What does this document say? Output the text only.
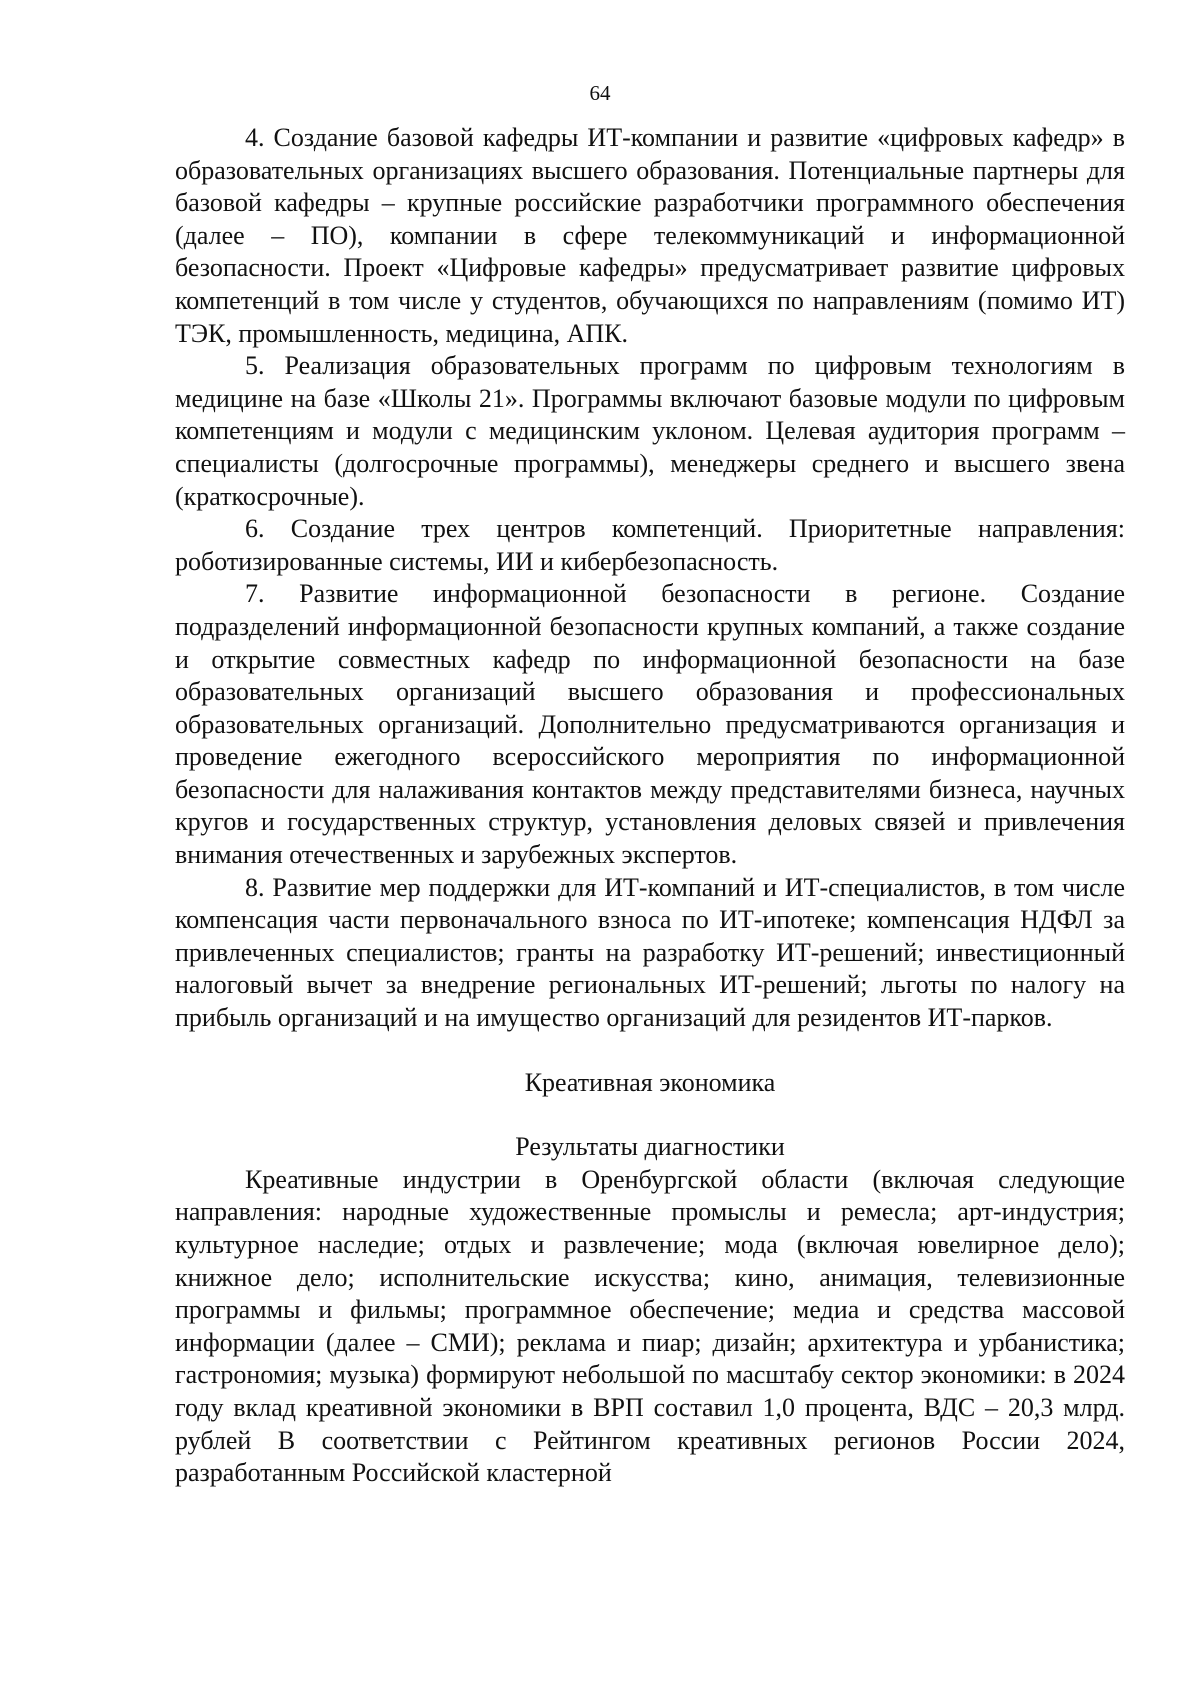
64

4. Создание базовой кафедры ИТ-компании и развитие «цифровых кафедр» в образовательных организациях высшего образования. Потенциальные партнеры для базовой кафедры – крупные российские разработчики программного обеспечения (далее – ПО), компании в сфере телекоммуникаций и информационной безопасности. Проект «Цифровые кафедры» предусматривает развитие цифровых компетенций в том числе у студентов, обучающихся по направлениям (помимо ИТ) ТЭК, промышленность, медицина, АПК.

5. Реализация образовательных программ по цифровым технологиям в медицине на базе «Школы 21». Программы включают базовые модули по цифровым компетенциям и модули с медицинским уклоном. Целевая аудитория программ – специалисты (долгосрочные программы), менеджеры среднего и высшего звена (краткосрочные).

6. Создание трех центров компетенций. Приоритетные направления: роботизированные системы, ИИ и кибербезопасность.

7. Развитие информационной безопасности в регионе. Создание подразделений информационной безопасности крупных компаний, а также создание и открытие совместных кафедр по информационной безопасности на базе образовательных организаций высшего образования и профессиональных образовательных организаций. Дополнительно предусматриваются организация и проведение ежегодного всероссийского мероприятия по информационной безопасности для налаживания контактов между представителями бизнеса, научных кругов и государственных структур, установления деловых связей и привлечения внимания отечественных и зарубежных экспертов.

8. Развитие мер поддержки для ИТ-компаний и ИТ-специалистов, в том числе компенсация части первоначального взноса по ИТ-ипотеке; компенсация НДФЛ за привлеченных специалистов; гранты на разработку ИТ-решений; инвестиционный налоговый вычет за внедрение региональных ИТ-решений; льготы по налогу на прибыль организаций и на имущество организаций для резидентов ИТ-парков.

Креативная экономика

Результаты диагностики

Креативные индустрии в Оренбургской области (включая следующие направления: народные художественные промыслы и ремесла; арт-индустрия; культурное наследие; отдых и развлечение; мода (включая ювелирное дело); книжное дело; исполнительские искусства; кино, анимация, телевизионные программы и фильмы; программное обеспечение; медиа и средства массовой информации (далее – СМИ); реклама и пиар; дизайн; архитектура и урбанистика; гастрономия; музыка) формируют небольшой по масштабу сектор экономики: в 2024 году вклад креативной экономики в ВРП составил 1,0 процента, ВДС – 20,3 млрд. рублей В соответствии с Рейтингом креативных регионов России 2024, разработанным Российской кластерной
